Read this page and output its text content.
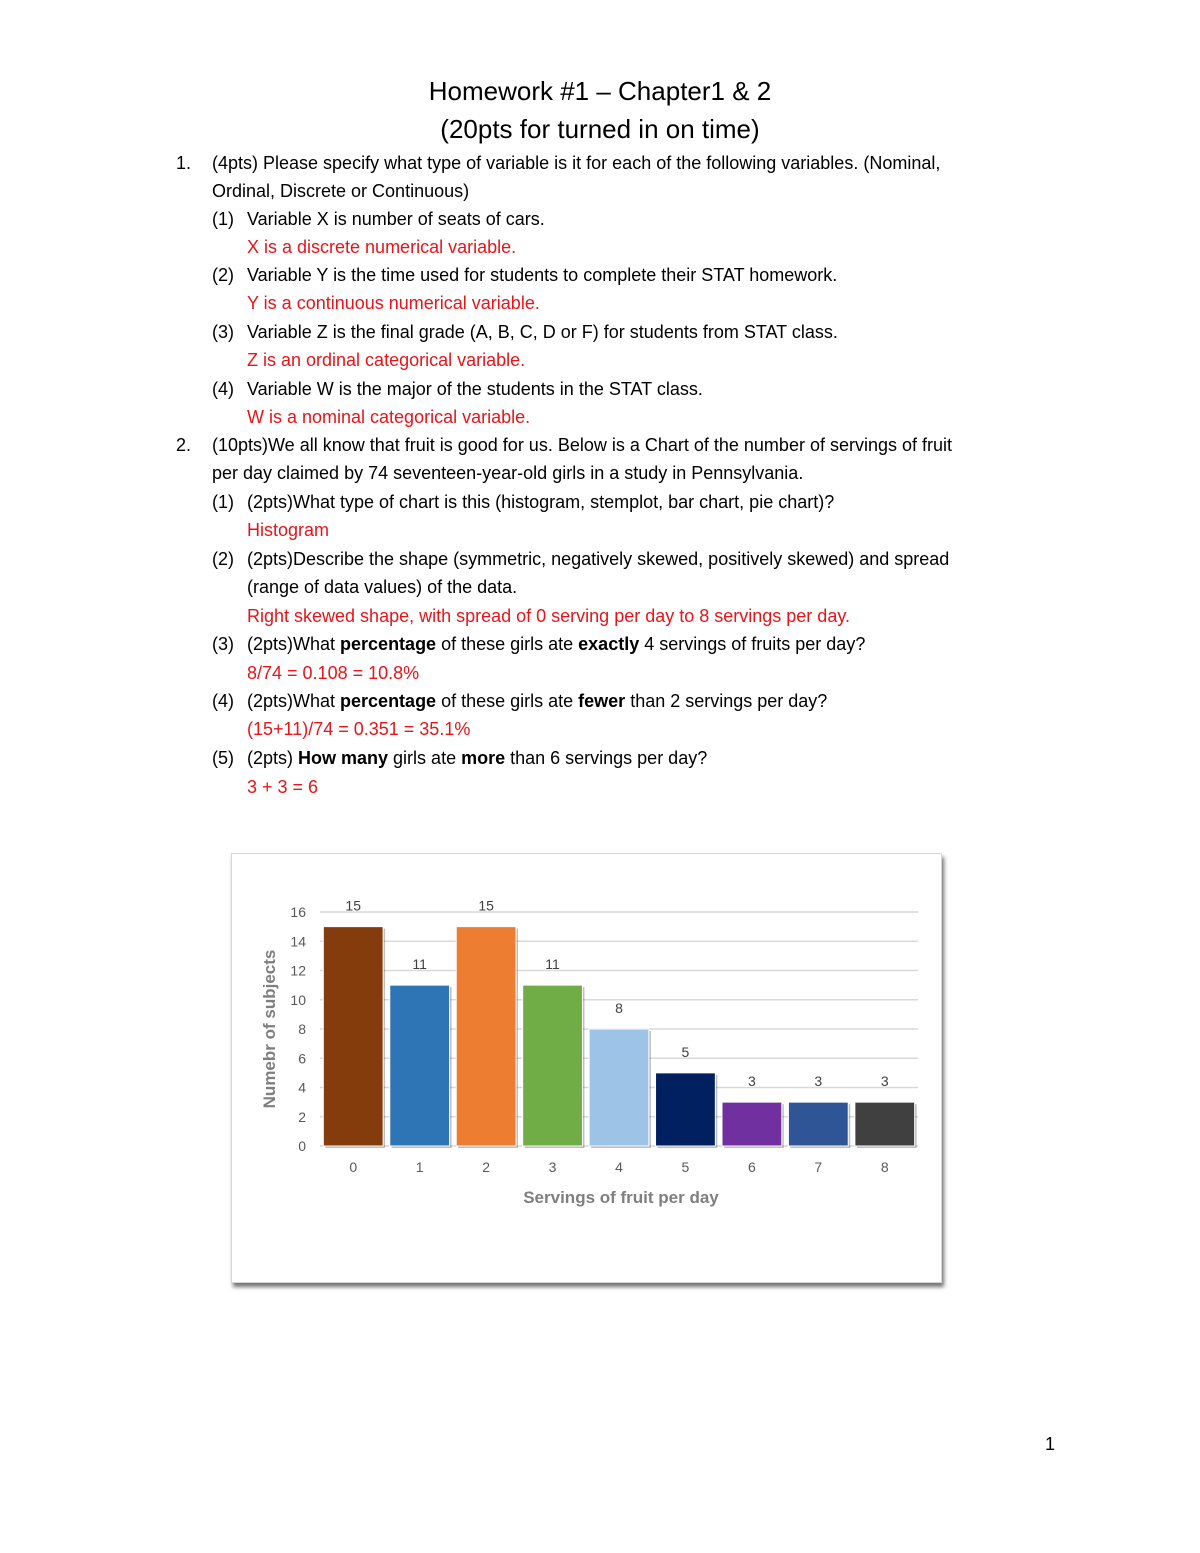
Homework #1 – Chapter1 & 2
(20pts for turned in on time)
1. (4pts) Please specify what type of variable is it for each of the following variables. (Nominal,
Ordinal, Discrete or Continuous)
(1) Variable X is number of seats of cars.
X is a discrete numerical variable.
(2) Variable Y is the time used for students to complete their STAT homework.
Y is a continuous numerical variable.
(3) Variable Z is the final grade (A, B, C, D or F) for students from STAT class.
Z is an ordinal categorical variable.
(4) Variable W is the major of the students in the STAT class.
W is a nominal categorical variable.
2. (10pts)We all know that fruit is good for us. Below is a Chart of the number of servings of fruit
per day claimed by 74 seventeen-year-old girls in a study in Pennsylvania.
(1) (2pts)What type of chart is this (histogram, stemplot, bar chart, pie chart)?
Histogram
(2) (2pts)Describe the shape (symmetric, negatively skewed, positively skewed) and spread
(range of data values) of the data.
Right skewed shape, with spread of 0 serving per day to 8 servings per day.
(3) (2pts)What percentage of these girls ate exactly 4 servings of fruits per day?
8/74 = 0.108 = 10.8%
(4) (2pts)What percentage of these girls ate fewer than 2 servings per day?
(15+11)/74 = 0.351 = 35.1%
(5) (2pts) How many girls ate more than 6 servings per day?
3 + 3 = 6
0
2
4
6
8
10
12
14
16	15
11
15
11
8
5
3	3	3
0	1	2	3	4	5	6	7	8
Numebr of subjects
Servings of fruit per day
1
